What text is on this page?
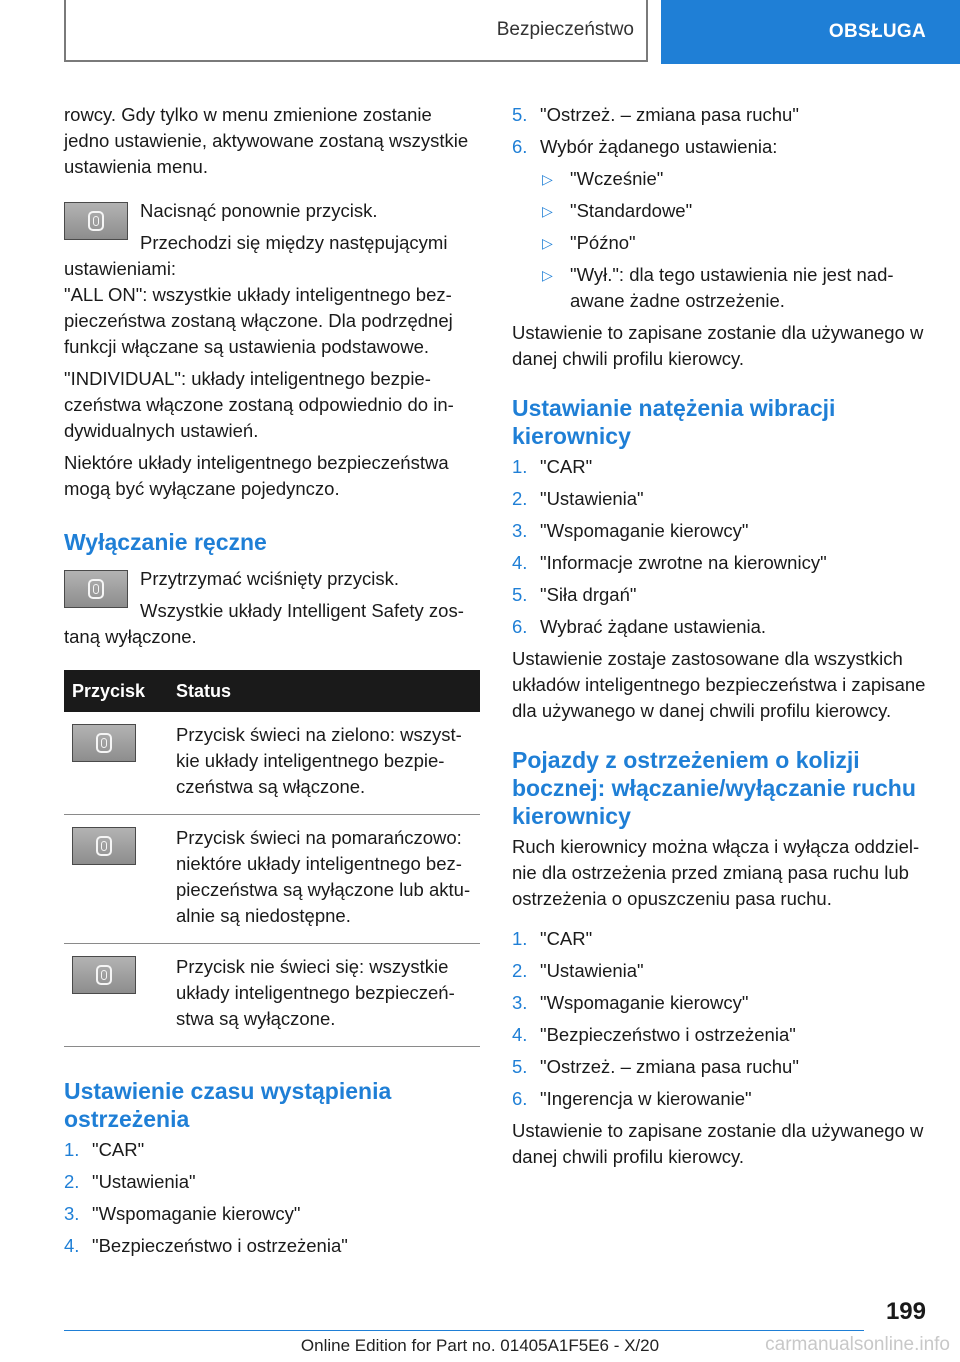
Bezpieczeństwo	OBSŁUGA

rowcy. Gdy tylko w menu zmienione zostanie jedno ustawienie, aktywowane zostaną wszystkie ustawienia menu.

Nacisnąć ponownie przycisk.

Przechodzi się między następującymi ustawieniami:

"ALL ON": wszystkie układy inteligentnego bezpieczeństwa zostaną włączone. Dla podrzędnej funkcji włączane są ustawienia podstawowe.

"INDIVIDUAL": układy inteligentnego bezpieczeństwa włączone zostaną odpowiednio do indywidualnych ustawień.

Niektóre układy inteligentnego bezpieczeństwa mogą być wyłączane pojedynczo.

Wyłączanie ręczne

Przytrzymać wciśnięty przycisk.

Wszystkie układy Intelligent Safety zostaną wyłączone.

Przycisk	Status

	Przycisk świeci na zielono: wszystkie układy inteligentnego bezpieczeństwa są włączone.

	Przycisk świeci na pomarańczowo: niektóre układy inteligentnego bezpieczeństwa są wyłączone lub aktualnie są niedostępne.

	Przycisk nie świeci się: wszystkie układy inteligentnego bezpieczeństwa są wyłączone.
Ustawienie czasu wystąpienia ostrzeżenia
1. "CAR"
2. "Ustawienia"
3. "Wspomaganie kierowcy"
4. "Bezpieczeństwo i ostrzeżenia"
5. "Ostrzeż. – zmiana pasa ruchu"
6. Wybór żądanego ustawienia:
▷ "Wcześnie"
▷ "Standardowe"
▷ "Późno"
▷ "Wył.": dla tego ustawienia nie jest nadawane żadne ostrzeżenie.

Ustawienie to zapisane zostanie dla używanego w danej chwili profilu kierowcy.

Ustawianie natężenia wibracji kierownicy
1. "CAR"
2. "Ustawienia"
3. "Wspomaganie kierowcy"
4. "Informacje zwrotne na kierownicy"
5. "Siła drgań"
6. Wybrać żądane ustawienia.

Ustawienie zostaje zastosowane dla wszystkich układów inteligentnego bezpieczeństwa i zapisane dla używanego w danej chwili profilu kierowcy.

Pojazdy z ostrzeżeniem o kolizji bocznej: włączanie/wyłączanie ruchu kierownicy

Ruch kierownicy można włącza i wyłącza oddzielnie dla ostrzeżenia przed zmianą pasa ruchu lub ostrzeżenia o opuszczeniu pasa ruchu.

1. "CAR"
2. "Ustawienia"
3. "Wspomaganie kierowcy"
4. "Bezpieczeństwo i ostrzeżenia"
5. "Ostrzeż. – zmiana pasa ruchu"
6. "Ingerencja w kierowanie"

Ustawienie to zapisane zostanie dla używanego w danej chwili profilu kierowcy.

199
Online Edition for Part no. 01405A1F5E6 - X/20	carmanualsonline.info
